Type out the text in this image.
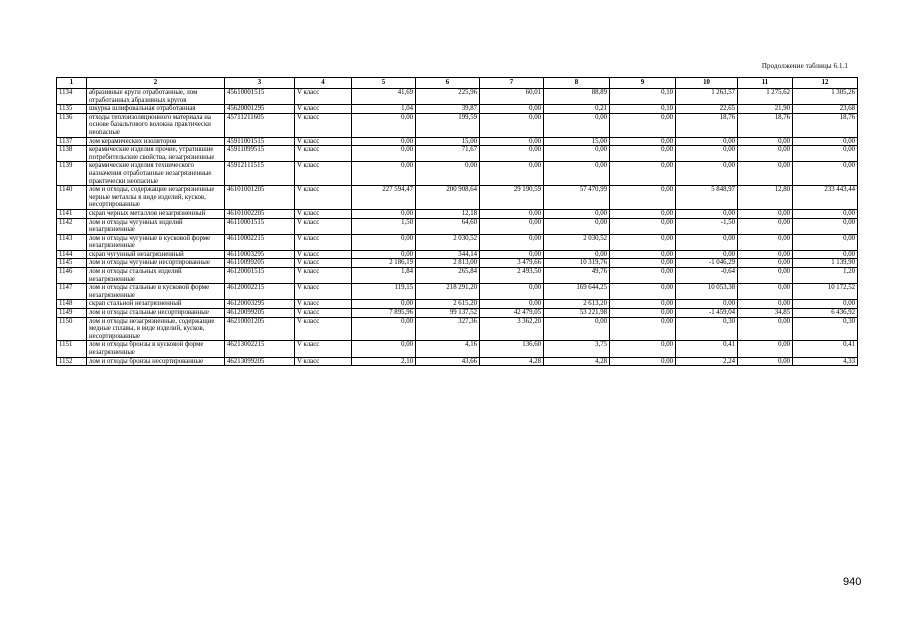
Продолжение таблицы 6.1.1
1	2	3	4	5	6	7	8	9	10	11	12
1134	абразивные круги отработанные, лом отработанных абразивных кругов	45610001515	V класс	41,69	225,96	60,01	88,89	0,10	1 263,57	1 275,62	1 305,26
1135	шкурка шлифовальная отработанная	45620001295	V класс	1,04	39,87	0,00	0,21	0,10	22,65	21,90	23,68
1136	отходы теплоизоляционного материала на основе базальтового волокна практически неопасные	45711211605	V класс	0,00	199,59	0,00	0,00	0,00	18,76	18,76	18,76
1137	лом керамических изоляторов	45911001515	V класс	0,00	15,00	0,00	15,00	0,00	0,00	0,00	0,00
1138	керамические изделия прочие, утратившие потребительские свойства, незагрязненные	45911099515	V класс	0,00	71,67	0,00	0,00	0,00	0,00	0,00	0,00
1139	керамические изделия технического назначения отработанные незагрязненные практически неопасные	45912111515	V класс	0,00	0,00	0,00	0,00	0,00	0,00	0,00	0,00
1140	лом и отходы, содержащие незагрязненные черные металлы в виде изделий, кусков, несортированные	46101001205	V класс	227 594,47	200 908,64	29 190,59	57 470,99	0,00	5 848,97	12,80	233 443,44
1141	скрап черных металлов незагрязненный	46101002205	V класс	0,00	12,18	0,00	0,00	0,00	0,00	0,00	0,00
1142	лом и отходы чугунных изделий незагрязненные	46110001515	V класс	1,50	64,60	0,00	0,00	0,00	-1,50	0,00	0,00
1143	лом и отходы чугунные в кусковой форме незагрязненные	46110002215	V класс	0,00	2 030,52	0,00	2 030,52	0,00	0,00	0,00	0,00
1144	скрап чугунный незагрязненный	46110003295	V класс	0,00	344,14	0,00	0,00	0,00	0,00	0,00	0,00
1145	лом и отходы чугунные несортированные	46110099205	V класс	2 186,19	2 813,00	3 479,66	10 319,76	0,00	-1 046,29	0,00	1 139,90
1146	лом и отходы стальных изделий незагрязненные	46120001515	V класс	1,84	265,84	2 493,50	49,76	0,00	-0,64	0,00	1,20
1147	лом и отходы стальные в кусковой форме незагрязненные	46120002215	V класс	119,15	218 291,20	0,00	169 644,25	0,00	10 053,38	0,00	10 172,52
1148	скрап стальной незагрязненный	46120003295	V класс	0,00	2 615,20	0,00	2 613,20	0,00	0,00	0,00	0,00
1149	лом и отходы стальные несортированные	46120099205	V класс	7 895,96	99 137,52	42 479,05	53 221,98	0,00	-1 459,04	34,85	6 436,92
1150	лом и отходы незагрязненные, содержащие медные сплавы, в виде изделий, кусков, несортированные	46210001205	V класс	0,00	327,36	3 362,20	0,00	0,00	0,30	0,00	0,30
1151	лом и отходы бронзы в кусковой форме незагрязненные	46213002215	V класс	0,00	4,16	136,60	3,75	0,00	0,41	0,00	0,41
1152	лом и отходы бронзы несортированные	46213099205	V класс	2,10	43,66	4,28	4,28	0,00	2,24	0,00	4,33
940
